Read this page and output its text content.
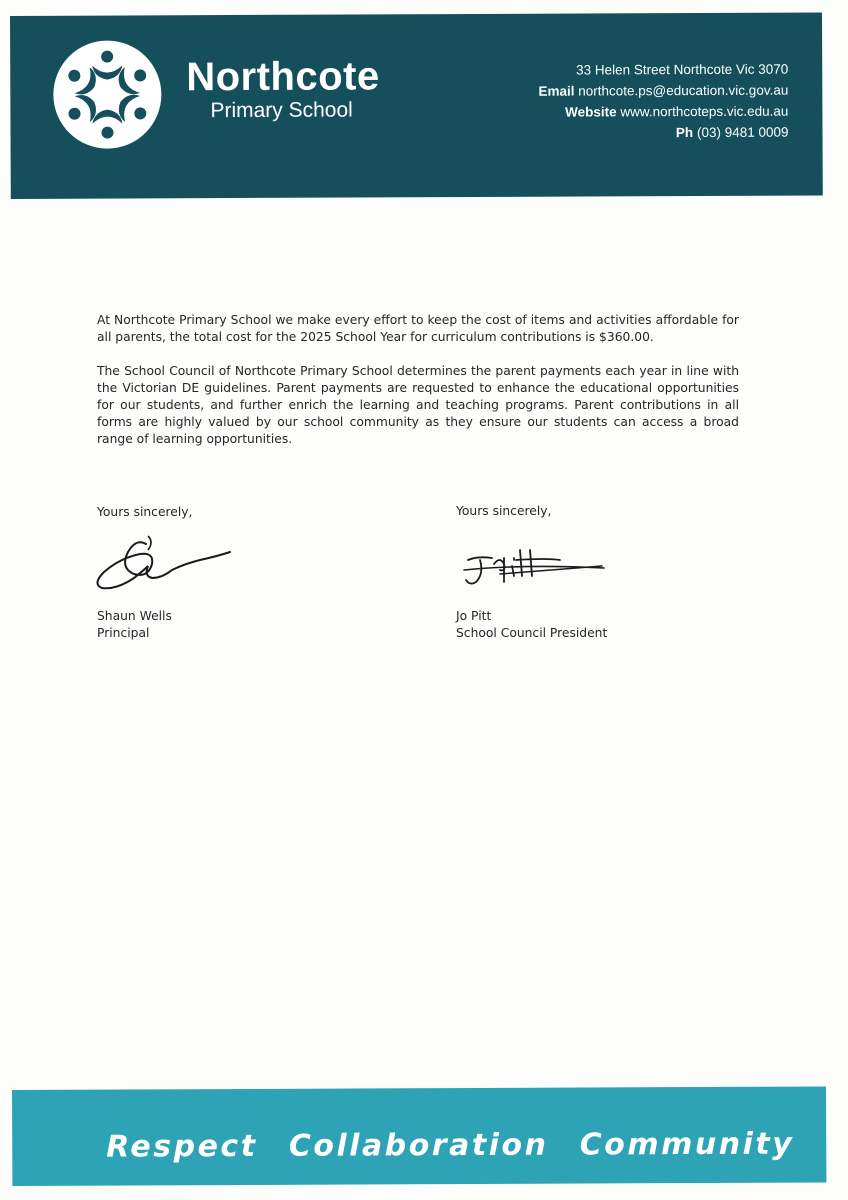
Northcote
Primary School
33 Helen Street Northcote Vic 3070
Email northcote.ps@education.vic.gov.au
Website www.northcoteps.vic.edu.au
Ph (03) 9481 0009

At Northcote Primary School we make every effort to keep the cost of items and activities affordable for all parents, the total cost for the 2025 School Year for curriculum contributions is $360.00.

The School Council of Northcote Primary School determines the parent payments each year in line with the Victorian DE guidelines. Parent payments are requested to enhance the educational opportunities for our students, and further enrich the learning and teaching programs. Parent contributions in all forms are highly valued by our school community as they ensure our students can access a broad range of learning opportunities.

Yours sincerely,	Yours sincerely,
Shaun Wells
Principal
Jo Pitt
School Council President
Respect Collaboration Community
